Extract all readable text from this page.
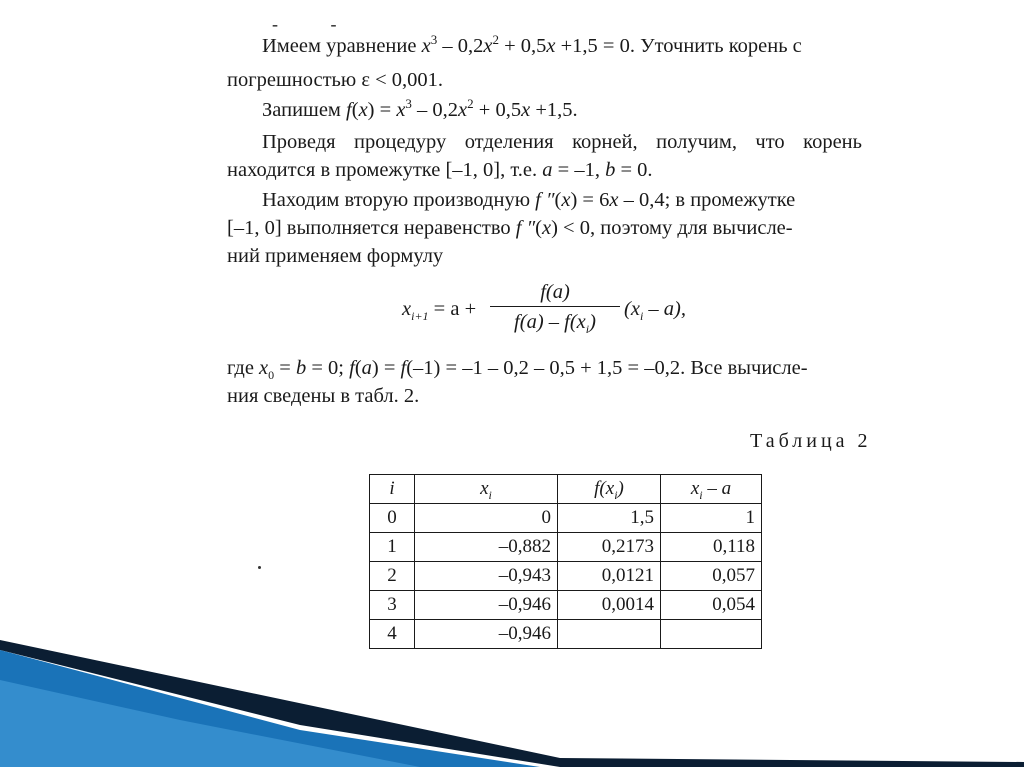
- -
Имеем уравнение $x^3 - 0,2x^2 + 0,5x +1,5 = 0$. Уточнить корень с
погрешностью ε < 0,001.
Запишем $f(x) = x^3 - 0,2x^2 + 0,5x +1,5$.
Проведя процедуру отделения корней, получим, что корень
находится в промежутке [–1, 0], т.е. a = –1, b = 0.
Находим вторую производную f ″(x) = 6x – 0,4; в промежутке
[–1, 0] выполняется неравенство f ″(x) < 0, поэтому для вычисле-
ний применяем формулу
$x_{i+1} = a + \frac{f(a)}{f(a) - f(x_i)} (x_i - a)$,
где $x_0 = b = 0$; f(a) = f(–1) = –1 – 0,2 – 0,5 + 1,5 = –0,2. Все вычисле-
ния сведены в табл. 2.
Таблица 2
i	$x_i$	$f(x_i)$	$x_i$ – a
0	0	1,5	1
1	–0,882	0,2173	0,118
2	–0,943	0,0121	0,057
3	–0,946	0,0014	0,054
4	–0,946		
